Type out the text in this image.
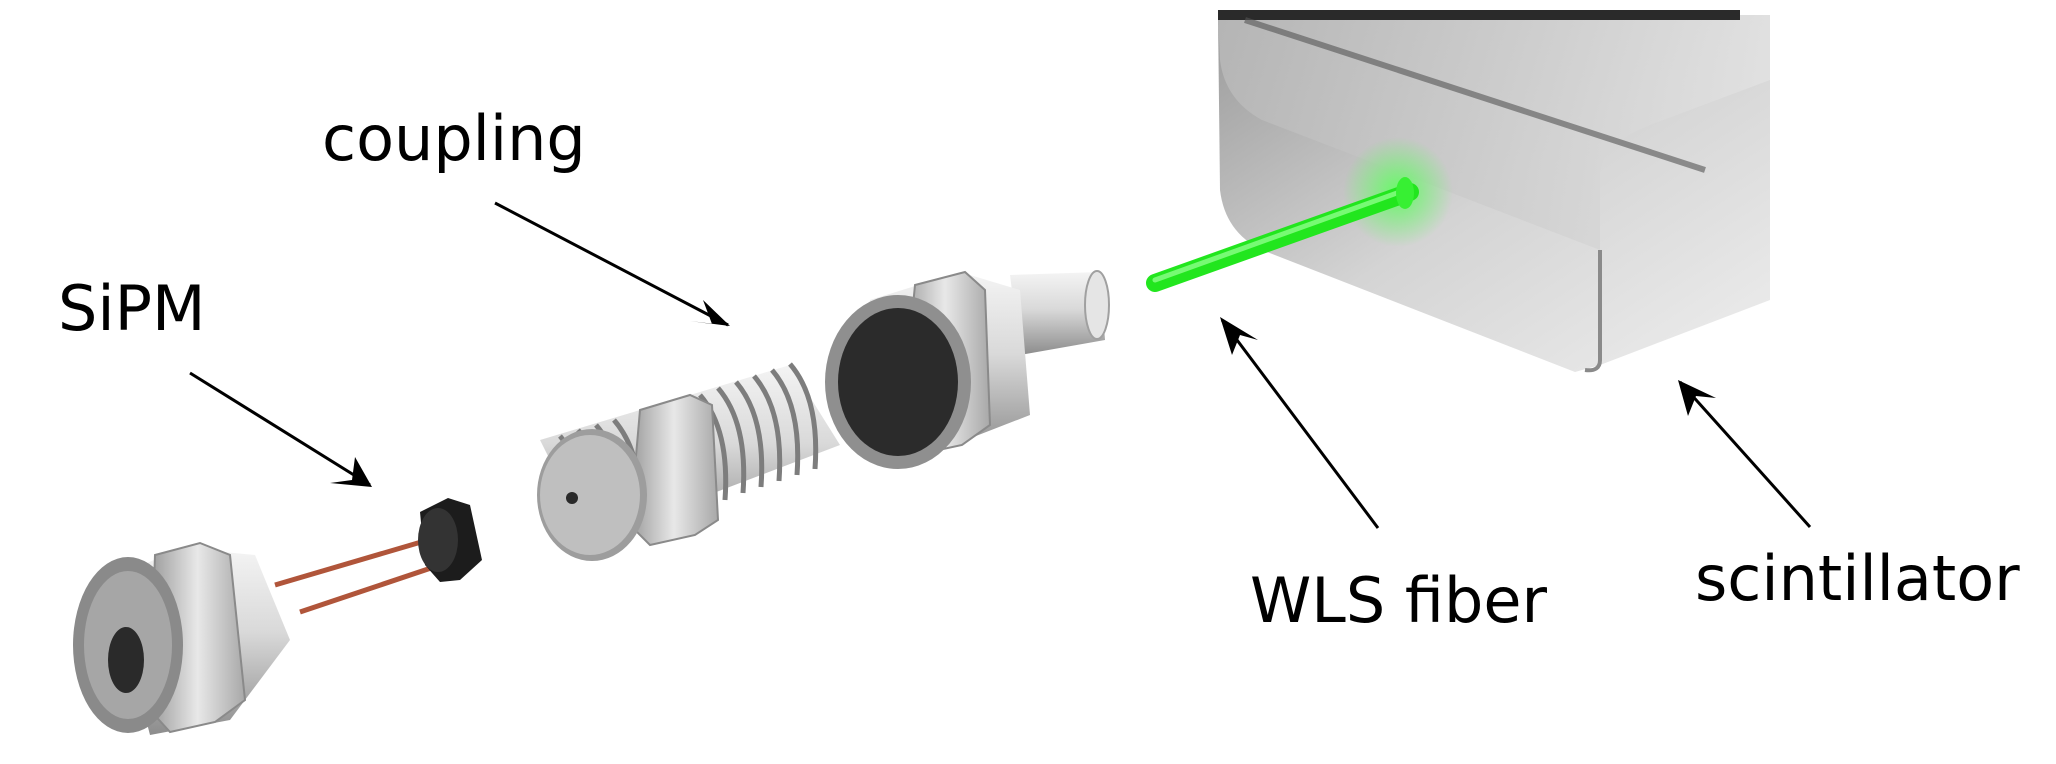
coupling
SiPM
WLS fiber scintillator
